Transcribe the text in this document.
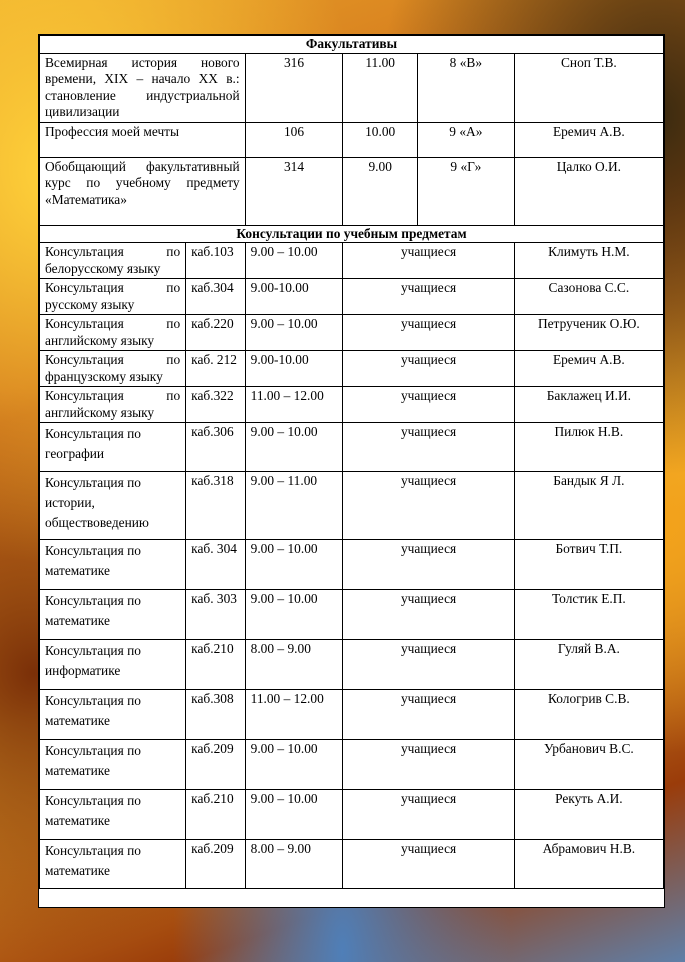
Факультативы					
Всемирная история нового времени, XIX – начало XX в.: становление индустриальной цивилизации		316	11.00	8 «В»	Сноп Т.В.
Профессия моей мечты		106	10.00	9 «А»	Еремич А.В.
Обобщающий факультативный курс по учебному предмету «Математика»		314	9.00	9 «Г»	Цалко О.И.
Консультации по учебным предметам					
Консультация по белорусскому языку	каб.103	9.00 – 10.00	учащиеся		Климуть Н.М.
Консультация по русскому языку	каб.304	9.00-10.00	учащиеся		Сазонова С.С.
Консультация по английскому языку	каб.220	9.00 – 10.00	учащиеся		Петрученик О.Ю.
Консультация по французскому языку	каб. 212	9.00-10.00	учащиеся		Еремич А.В.
Консультация по английскому языку	каб.322	11.00 – 12.00	учащиеся		Баклажец И.И.
Консультация по географии	каб.306	9.00 – 10.00	учащиеся		Пилюк Н.В.
Консультация по истории, обществоведению	каб.318	9.00 – 11.00	учащиеся		Бандык Я Л.
Консультация по математике	каб. 304	9.00 – 10.00	учащиеся		Ботвич Т.П.
Консультация по математике	каб. 303	9.00 – 10.00	учащиеся		Толстик Е.П.
Консультация по информатике	каб.210	8.00 – 9.00	учащиеся		Гуляй В.А.
Консультация по математике	каб.308	11.00 – 12.00	учащиеся		Кологрив С.В.
Консультация по математике	каб.209	9.00 – 10.00	учащиеся		Урбанович В.С.
Консультация по математике	каб.210	9.00 – 10.00	учащиеся		Рекуть А.И.
Консультация по математике	каб.209	8.00 – 9.00	учащиеся		Абрамович Н.В.
